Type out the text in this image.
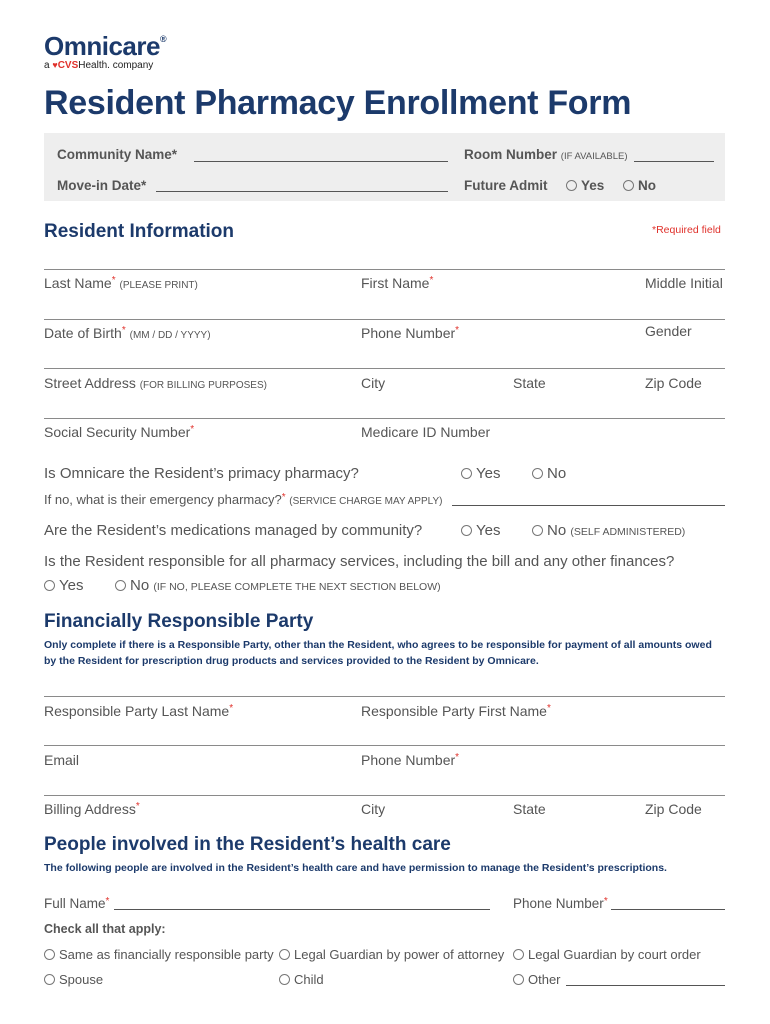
Omnicare®
a ♥CVSHealth. company
Resident Pharmacy Enrollment Form
Community Name*	Room Number (IF AVAILABLE)
Move-in Date*	Future Admit	Yes	No
Resident Information	*Required field
Last Name* (PLEASE PRINT)	First Name*	Middle Initial
Date of Birth* (MM / DD / YYYY)	Phone Number*	Gender
Street Address (FOR BILLING PURPOSES)	City	State	Zip Code
Social Security Number*	Medicare ID Number
Is Omnicare the Resident’s primacy pharmacy?	Yes	No
If no, what is their emergency pharmacy?* (SERVICE CHARGE MAY APPLY)
Are the Resident’s medications managed by community?	Yes	No (SELF ADMINISTERED)
Is the Resident responsible for all pharmacy services, including the bill and any other finances?
Yes	No (IF NO, PLEASE COMPLETE THE NEXT SECTION BELOW)
Financially Responsible Party
Only complete if there is a Responsible Party, other than the Resident, who agrees to be responsible for payment of all amounts owed by the Resident for prescription drug products and services provided to the Resident by Omnicare.
Responsible Party Last Name*	Responsible Party First Name*
Email	Phone Number*
Billing Address*	City	State	Zip Code
People involved in the Resident’s health care
The following people are involved in the Resident’s health care and have permission to manage the Resident’s prescriptions.
Full Name*	Phone Number*
Check all that apply:
Same as financially responsible party	Legal Guardian by power of attorney	Legal Guardian by court order
Spouse	Child	Other
